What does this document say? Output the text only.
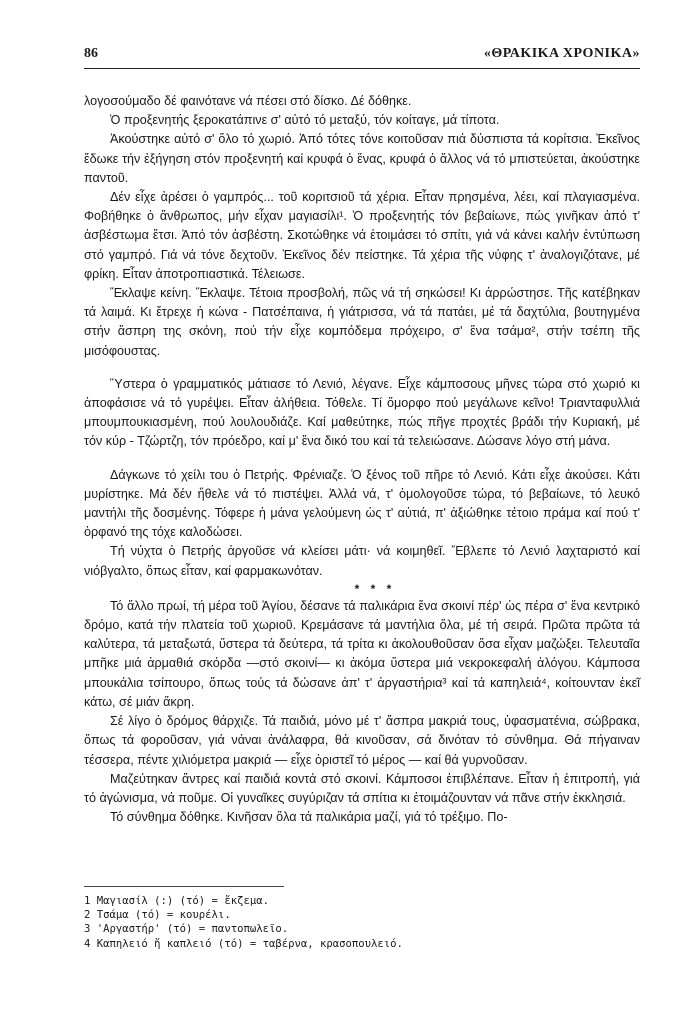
86	«ΘΡΑΚΙΚΑ ΧΡΟΝΙΚΑ»

λογοσούμαδο δέ φαινότανε νά πέσει στό δίσκο. Δέ δόθηκε.

Ὁ προξενητής ξεροκατάπινε σ' αὐτό τό μεταξύ, τόν κοίταγε, μά τίποτα.

Ἀκούστηκε αὐτό σ' ὅλο τό χωριό. Ἀπό τότες τόνε κοιτοῦσαν πιά δύσπιστα τά κορίτσια. Ἐκεῖνος ἔδωκε τήν ἐξήγηση στόν προξενητή καί κρυφά ὁ ἕνας, κρυφά ὁ ἄλλος νά τό μπιστεύεται, ἀκούστηκε παντοῦ.

Δέν εἶχε ἀρέσει ὁ γαμπρός... τοῦ κοριτσιοῦ τά χέρια. Εἶταν πρησμένα, λέει, καί πλαγιασμένα. Φοβήθηκε ὁ ἄνθρωπος, μήν εἶχαν μαγιασίλι¹. Ὁ προξενητής τόν βεβαίωνε, πώς γινῆκαν ἀπό τ' ἀσβέστωμα ἔτσι. Ἀπό τόν ἀσβέστη. Σκοτώθηκε νά ἑτοιμάσει τό σπίτι, γιά νά κάνει καλήν ἐντύπωση στό γαμπρό. Γιά νά τόνε δεχτοῦν. Ἐκεῖνος δέν πείστηκε. Τά χέρια τῆς νύφης τ' ἀναλογιζότανε, μέ φρίκη. Εἶταν ἀποτροπιαστικά. Τέλειωσε.

Ἔκλαψε κείνη. Ἔκλαψε. Τέτοια προσβολή, πῶς νά τή σηκώσει! Κι ἀρρώστησε. Τῆς κατέβηκαν τά λαιμά. Κι ἔτρεχε ἡ κώνα - Πατσέπαινα, ἡ γιάτρισσα, νά τά πατάει, μέ τά δαχτύλια, βουτηγμένα στήν ἄσπρη της σκόνη, πού τήν εἶχε κομπόδεμα πρόχειρο, σ' ἕνα τσάμα², στήν τσέπη τῆς μισόφουστας.

Ὕστερα ὁ γραμματικός μάτιασε τό Λενιό, λέγανε. Εἶχε κάμποσους μῆνες τώρα στό χωριό κι ἀποφάσισε νά τό γυρέψει. Εἶταν ἀλήθεια. Τόθελε. Τί ὄμορφο πού μεγάλωνε κεῖνο! Τριανταφυλλιά μπουμπουκιασμένη, πού λουλουδιάζε. Καί μαθεύτηκε, πώς πῆγε προχτές βράδι τήν Κυριακή, μέ τόν κύρ - Τζώρτζη, τόν πρόεδρο, καί μ' ἕνα δικό του καί τά τελειώσανε. Δώσανε λόγο στή μάνα.

Δάγκωνε τό χείλι του ὁ Πετρής. Φρένιαζε. Ὁ ξένος τοῦ πῆρε τό Λενιό. Κάτι εἶχε ἀκούσει. Κάτι μυρίστηκε. Μά δέν ἤθελε νά τό πιστέψει. Ἀλλά νά, τ' ὁμολογοῦσε τώρα, τό βεβαίωνε, τό λευκό μαντήλι τῆς δοσμένης. Τόφερε ἡ μάνα γελούμενη ὡς τ' αὐτιά, π' ἀξιώθηκε τέτοιο πράμα καί πού τ' ὀρφανό της τόχε καλοδώσει.

Τή νύχτα ὁ Πετρής ἀργοῦσε νά κλείσει μάτι· νά κοιμηθεῖ. Ἔβλεπε τό Λενιό λαχταριστό καί νιόβγαλτο, ὅπως εἶταν, καί φαρμακωνόταν.

* * *

Τό ἄλλο πρωί, τή μέρα τοῦ Ἁγίου, δέσανε τά παλικάρια ἕνα σκοινί πέρ' ὡς πέρα σ' ἕνα κεντρικό δρόμο, κατά τήν πλατεία τοῦ χωριοῦ. Κρεμάσανε τά μαντήλια ὅλα, μέ τή σειρά. Πρῶτα πρῶτα τά καλύτερα, τά μεταξωτά, ὕστερα τά δεύτερα, τά τρίτα κι ἀκολουθοῦσαν ὅσα εἶχαν μαζώξει. Τελευταῖα μπῆκε μιά ἀρμαθιά σκόρδα —στό σκοινί— κι ἀκόμα ὕστερα μιά νεκροκεφαλή ἀλόγου. Κάμποσα μπουκάλια τσίπουρο, ὅπως τούς τά δώσανε ἀπ' τ' ἀργαστήρια³ καί τά καπηλειά⁴, κοίτουνταν ἐκεῖ κάτω, σέ μιάν ἄκρη.

Σέ λίγο ὁ δρόμος θάρχιζε. Τά παιδιά, μόνο μέ τ' ἄσπρα μακριά τους, ὑφασματένια, σώβρακα, ὅπως τά φοροῦσαν, γιά νάναι ἀνάλαφρα, θά κινοῦσαν, σά δινόταν τό σύνθημα. Θά πήγαιναν τέσσερα, πέντε χιλιόμετρα μακριά — εἶχε ὁριστεῖ τό μέρος — καί θά γυρνοῦσαν.

Μαζεύτηκαν ἄντρες καί παιδιά κοντά στό σκοινί. Κάμποσοι ἐπιβλέπανε. Εἶταν ἡ ἐπιτροπή, γιά τό ἀγώνισμα, νά ποῦμε. Οἱ γυναῖκες συγύριζαν τά σπίτια κι ἑτοιμάζουνταν νά πᾶνε στήν ἐκκλησιά.

Τό σύνθημα δόθηκε. Κινῆσαν ὅλα τά παλικάρια μαζί, γιά τό τρέξιμο. Πο-

1 Μαγιασίλ (:) (τό) = ἔκζεμα.
2 Τσάμα (τό) = κουρέλι.
3 'Αργαστήρ' (τό) = παντοπωλεῖο.
4 Καπηλειό ἤ καπλειό (τό) = ταβέρνα, κρασοπουλειό.
